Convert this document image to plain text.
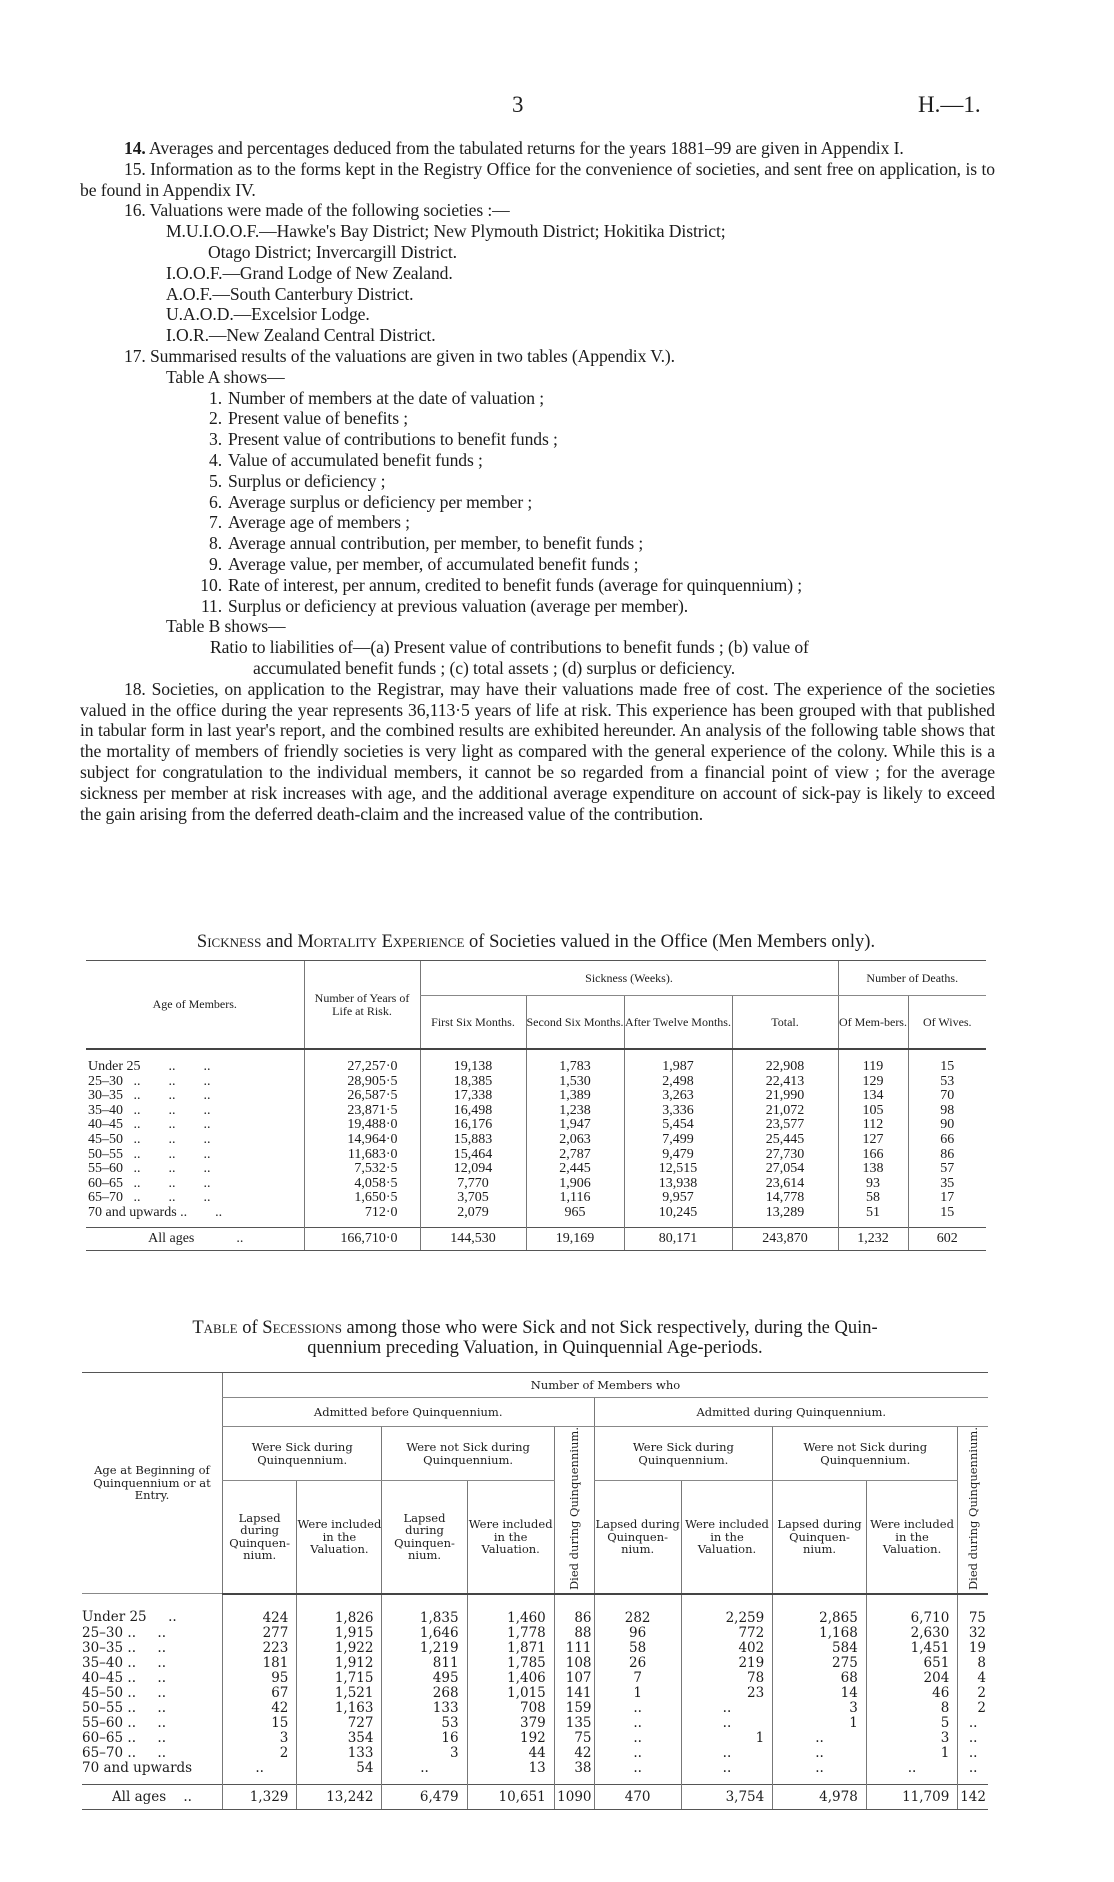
3	H.—1.

14. Averages and percentages deduced from the tabulated returns for the years 1881–99 are given in Appendix I.

15. Information as to the forms kept in the Registry Office for the convenience of societies, and sent free on application, is to be found in Appendix IV.

16. Valuations were made of the following societies :—

M.U.I.O.O.F.—Hawke's Bay District; New Plymouth District; Hokitika District;
Otago District; Invercargill District.

I.O.O.F.—Grand Lodge of New Zealand.

A.O.F.—South Canterbury District.

U.A.O.D.—Excelsior Lodge.

I.O.R.—New Zealand Central District.

17. Summarised results of the valuations are given in two tables (Appendix V.).

Table A shows—

1. Number of members at the date of valuation ;

2. Present value of benefits ;

3. Present value of contributions to benefit funds ;

4. Value of accumulated benefit funds ;

5. Surplus or deficiency ;

6. Average surplus or deficiency per member ;

7. Average age of members ;

8. Average annual contribution, per member, to benefit funds ;

9. Average value, per member, of accumulated benefit funds ;

10. Rate of interest, per annum, credited to benefit funds (average for quinquennium) ;

11. Surplus or deficiency at previous valuation (average per member).

Table B shows—

Ratio to liabilities of—(a) Present value of contributions to benefit funds ; (b) value of
accumulated benefit funds ; (c) total assets ; (d) surplus or deficiency.

18. Societies, on application to the Registrar, may have their valuations made free of cost. The experience of the societies valued in the office during the year represents 36,113·5 years of life at risk. This experience has been grouped with that published in tabular form in last year's report, and the combined results are exhibited hereunder. An analysis of the following table shows that the mortality of members of friendly societies is very light as compared with the general experience of the colony. While this is a subject for congratulation to the individual members, it cannot be so regarded from a financial point of view ; for the average sickness per member at risk increases with age, and the additional average expenditure on account of sick-pay is likely to exceed the gain arising from the deferred death-claim and the increased value of the contribution.

Sickness and Mortality Experience of Societies valued in the Office (Men Members only).
Age of Members.	Number of Years of Life at Risk.	Sickness (Weeks).				Number of Deaths.	
		First Six Months.	Second Six Months.	After Twelve Months.	Total.	Of Mem-bers.	Of Wives.
Under 25        ..        ..	27,257·0	19,138	1,783	1,987	22,908	119	15
25–30   ..        ..        ..	28,905·5	18,385	1,530	2,498	22,413	129	53
30–35   ..        ..        ..	26,587·5	17,338	1,389	3,263	21,990	134	70
35–40   ..        ..        ..	23,871·5	16,498	1,238	3,336	21,072	105	98
40–45   ..        ..        ..	19,488·0	16,176	1,947	5,454	23,577	112	90
45–50   ..        ..        ..	14,964·0	15,883	2,063	7,499	25,445	127	66
50–55   ..        ..        ..	11,683·0	15,464	2,787	9,479	27,730	166	86
55–60   ..        ..        ..	7,532·5	12,094	2,445	12,515	27,054	138	57
60–65   ..        ..        ..	4,058·5	7,770	1,906	13,938	23,614	93	35
65–70   ..        ..        ..	1,650·5	3,705	1,116	9,957	14,778	58	17
70 and upwards ..        ..	712·0	2,079	965	10,245	13,289	51	15
All ages            ..	166,710·0	144,530	19,169	80,171	243,870	1,232	602
Table of Secessions among those who were Sick and not Sick respectively, during the Quin-
quennium preceding Valuation, in Quinquennial Age-periods.
Age at Beginning of Quinquennium or at Entry.	Number of Members who									
	Admitted before Quinquennium.					Admitted during Quinquennium.				
	Were Sick during Quinquennium.		Were not Sick during Quinquennium.		Died during Quinquennium.	Were Sick during Quinquennium.		Were not Sick during Quinquennium.		Died during Quinquennium.
	Lapsed during Quinquen-nium.	Were included in the Valuation.	Lapsed during Quinquen-nium.	Were included in the Valuation.		Lapsed during Quinquen-nium.	Were included in the Valuation.	Lapsed during Quinquen-nium.	Were included in the Valuation.	
Under 25     ..	424	1,826	1,835	1,460	86	282	2,259	2,865	6,710	75
25–30 ..     ..	277	1,915	1,646	1,778	88	96	772	1,168	2,630	32
30–35 ..     ..	223	1,922	1,219	1,871	111	58	402	584	1,451	19
35–40 ..     ..	181	1,912	811	1,785	108	26	219	275	651	8
40–45 ..     ..	95	1,715	495	1,406	107	7	78	68	204	4
45–50 ..     ..	67	1,521	268	1,015	141	1	23	14	46	2
50–55 ..     ..	42	1,163	133	708	159	..	..	3	8	2
55–60 ..     ..	15	727	53	379	135	..	..	1	5	..
60–65 ..     ..	3	354	16	192	75	..	1	..	3	..
65–70 ..     ..	2	133	3	44	42	..	..	..	1	..
70 and upwards	..	54	..	13	38	..	..	..	..	..
All ages    ..	1,329	13,242	6,479	10,651	1090	470	3,754	4,978	11,709	142
